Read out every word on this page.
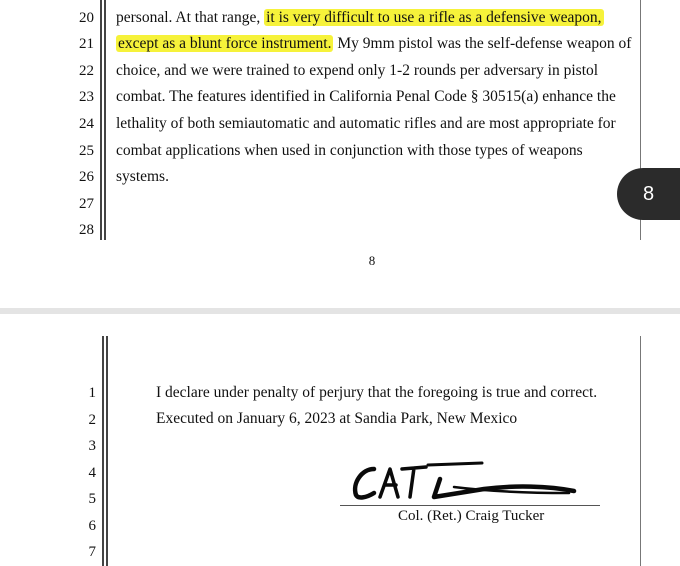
20
21
22
23
24
25
26
27
28
personal. At that range, it is very difficult to use a rifle as a defensive weapon,
except as a blunt force instrument. My 9mm pistol was the self-defense weapon of
choice, and we were trained to expend only 1-2 rounds per adversary in pistol
combat. The features identified in California Penal Code § 30515(a) enhance the
lethality of both semiautomatic and automatic rifles and are most appropriate for
combat applications when used in conjunction with those types of weapons
systems.
8
1
2
3
4
5
6
7
I declare under penalty of perjury that the foregoing is true and correct.
Executed on January 6, 2023 at Sandia Park, New Mexico
Col. (Ret.) Craig Tucker
8
